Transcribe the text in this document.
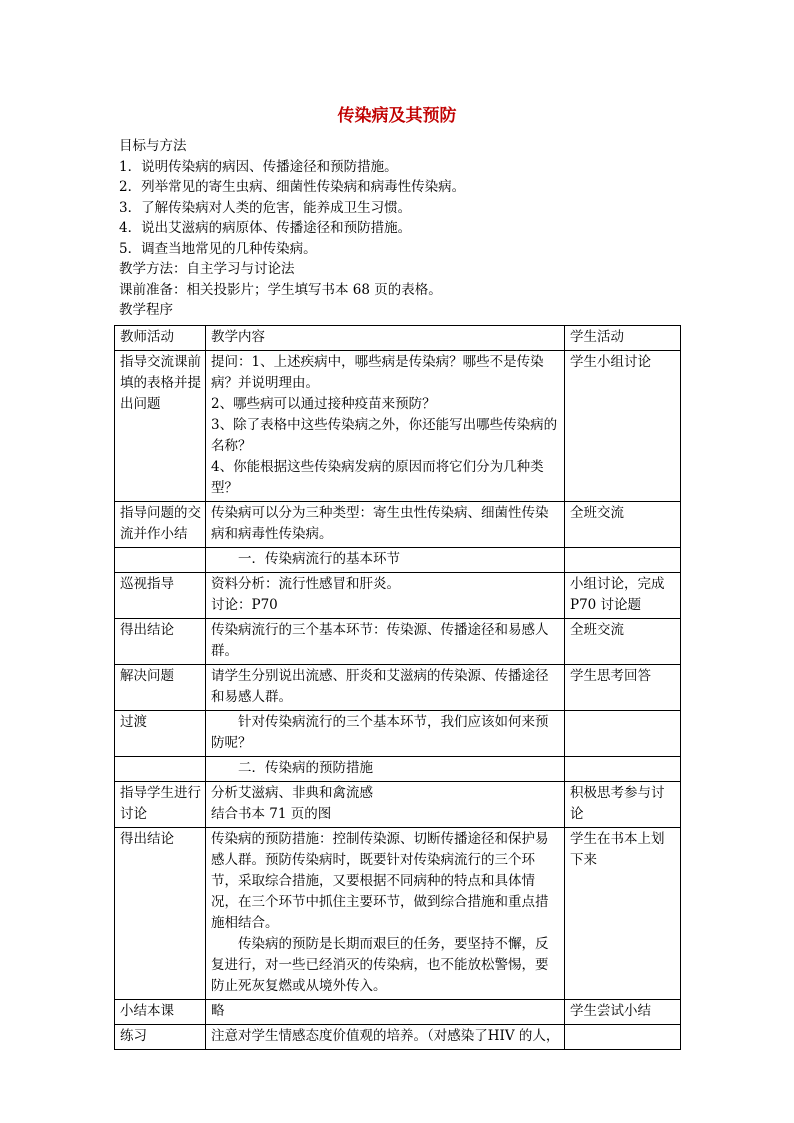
传染病及其预防
目标与方法
1．说明传染病的病因、传播途径和预防措施。
2．列举常见的寄生虫病、细菌性传染病和病毒性传染病。
3．了解传染病对人类的危害，能养成卫生习惯。
4．说出艾滋病的病原体、传播途径和预防措施。
5．调查当地常见的几种传染病。
教学方法：自主学习与讨论法
课前准备：相关投影片；学生填写书本 68 页的表格。
教学程序
教师活动	教学内容	学生活动
指导交流课前填的表格并提出问题	提问：1、上述疾病中，哪些病是传染病？哪些不是传染病？并说明理由。
2、哪些病可以通过接种疫苗来预防？
3、除了表格中这些传染病之外，你还能写出哪些传染病的名称？
4、你能根据这些传染病发病的原因而将它们分为几种类型？	学生小组讨论
指导问题的交流并作小结	传染病可以分为三种类型：寄生虫性传染病、细菌性传染病和病毒性传染病。	全班交流

	一．传染病流行的基本环节	

巡视指导	资料分析：流行性感冒和肝炎。
讨论：P70	小组讨论，完成P70 讨论题
得出结论	传染病流行的三个基本环节：传染源、传播途径和易感人群。	全班交流
解决问题	请学生分别说出流感、肝炎和艾滋病的传染源、传播途径和易感人群。	学生思考回答
过渡	针对传染病流行的三个基本环节，我们应该如何来预防呢？	

	二．传染病的预防措施	

指导学生进行讨论	分析艾滋病、非典和禽流感
结合书本 71 页的图	积极思考参与讨论
得出结论	传染病的预防措施：控制传染源、切断传播途径和保护易感人群。预防传染病时，既要针对传染病流行的三个环节，采取综合措施，又要根据不同病种的特点和具体情况，在三个环节中抓住主要环节，做到综合措施和重点措施相结合。
传染病的预防是长期而艰巨的任务，要坚持不懈，反复进行，对一些已经消灭的传染病，也不能放松警惕，要防止死灰复燃或从境外传入。	学生在书本上划下来
小结本课	略	学生尝试小结
练习	注意对学生情感态度价值观的培养。（对感染了HIV 的人，	
